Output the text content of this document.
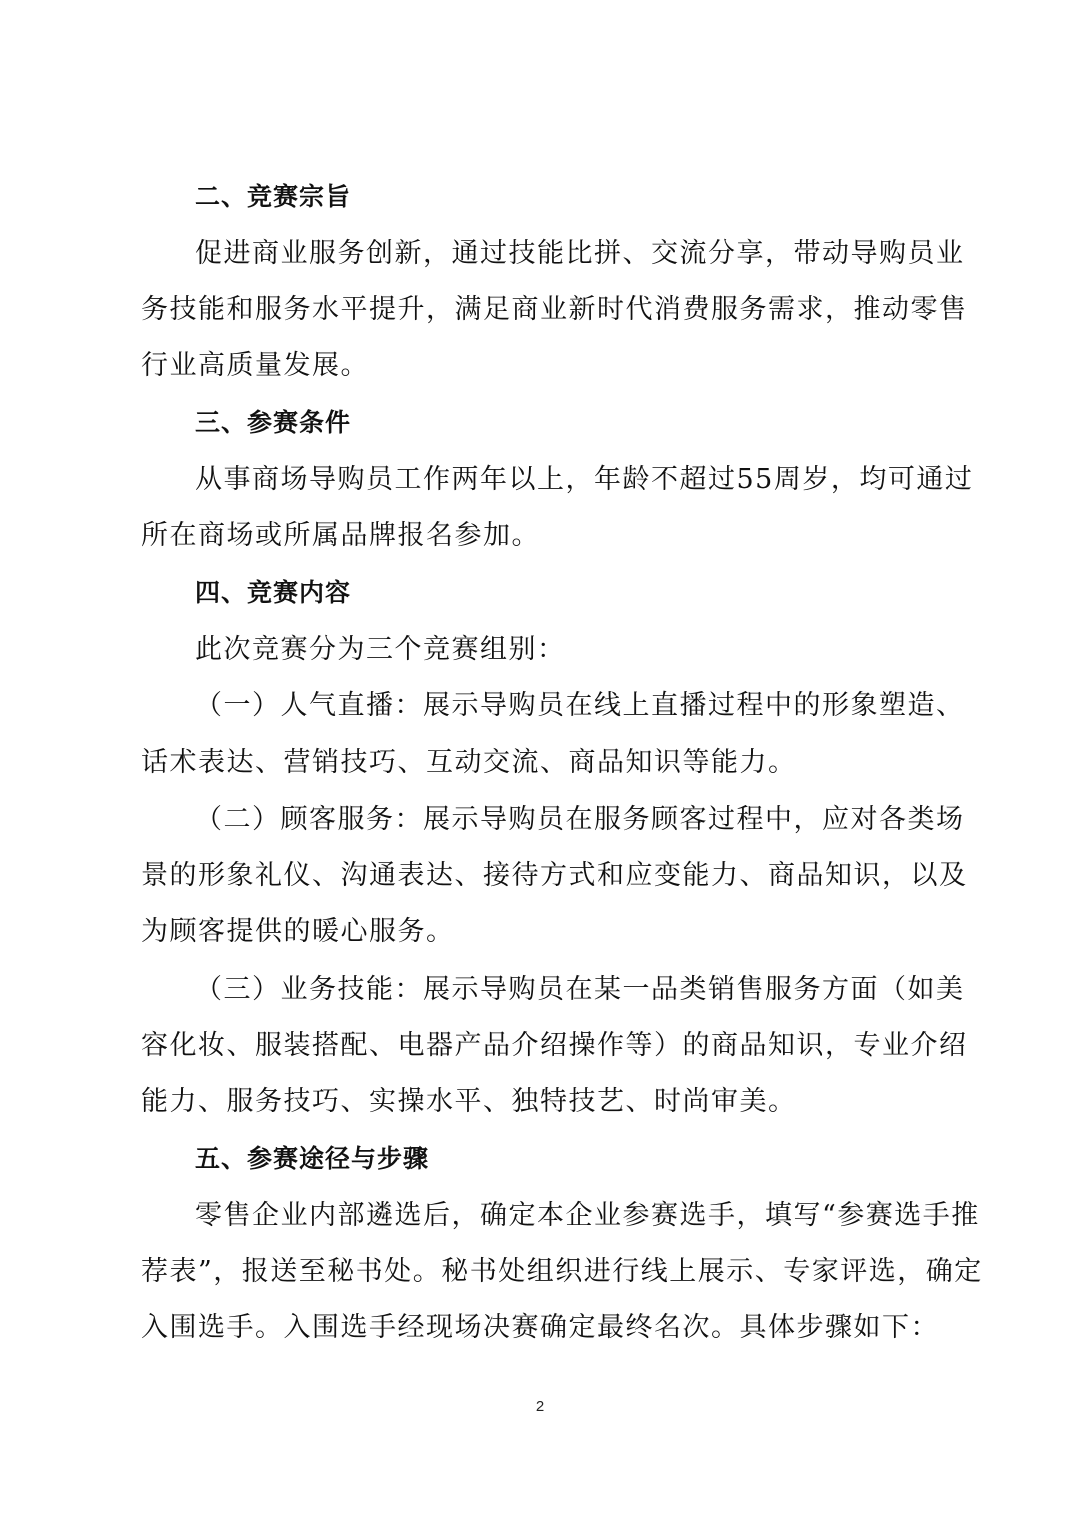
二、竞赛宗旨
促进商业服务创新，通过技能比拼、交流分享，带动导购员业
务技能和服务水平提升，满足商业新时代消费服务需求，推动零售
行业高质量发展。
三、参赛条件
从事商场导购员工作两年以上，年龄不超过55周岁，均可通过
所在商场或所属品牌报名参加。
四、竞赛内容
此次竞赛分为三个竞赛组别：
（一）人气直播：展示导购员在线上直播过程中的形象塑造、
话术表达、营销技巧、互动交流、商品知识等能力。
（二）顾客服务：展示导购员在服务顾客过程中，应对各类场
景的形象礼仪、沟通表达、接待方式和应变能力、商品知识，以及
为顾客提供的暖心服务。
（三）业务技能：展示导购员在某一品类销售服务方面（如美
容化妆、服装搭配、电器产品介绍操作等）的商品知识，专业介绍
能力、服务技巧、实操水平、独特技艺、时尚审美。
五、参赛途径与步骤
零售企业内部遴选后，确定本企业参赛选手，填写“参赛选手推
荐表”，报送至秘书处。秘书处组织进行线上展示、专家评选，确定
入围选手。入围选手经现场决赛确定最终名次。具体步骤如下：
2
